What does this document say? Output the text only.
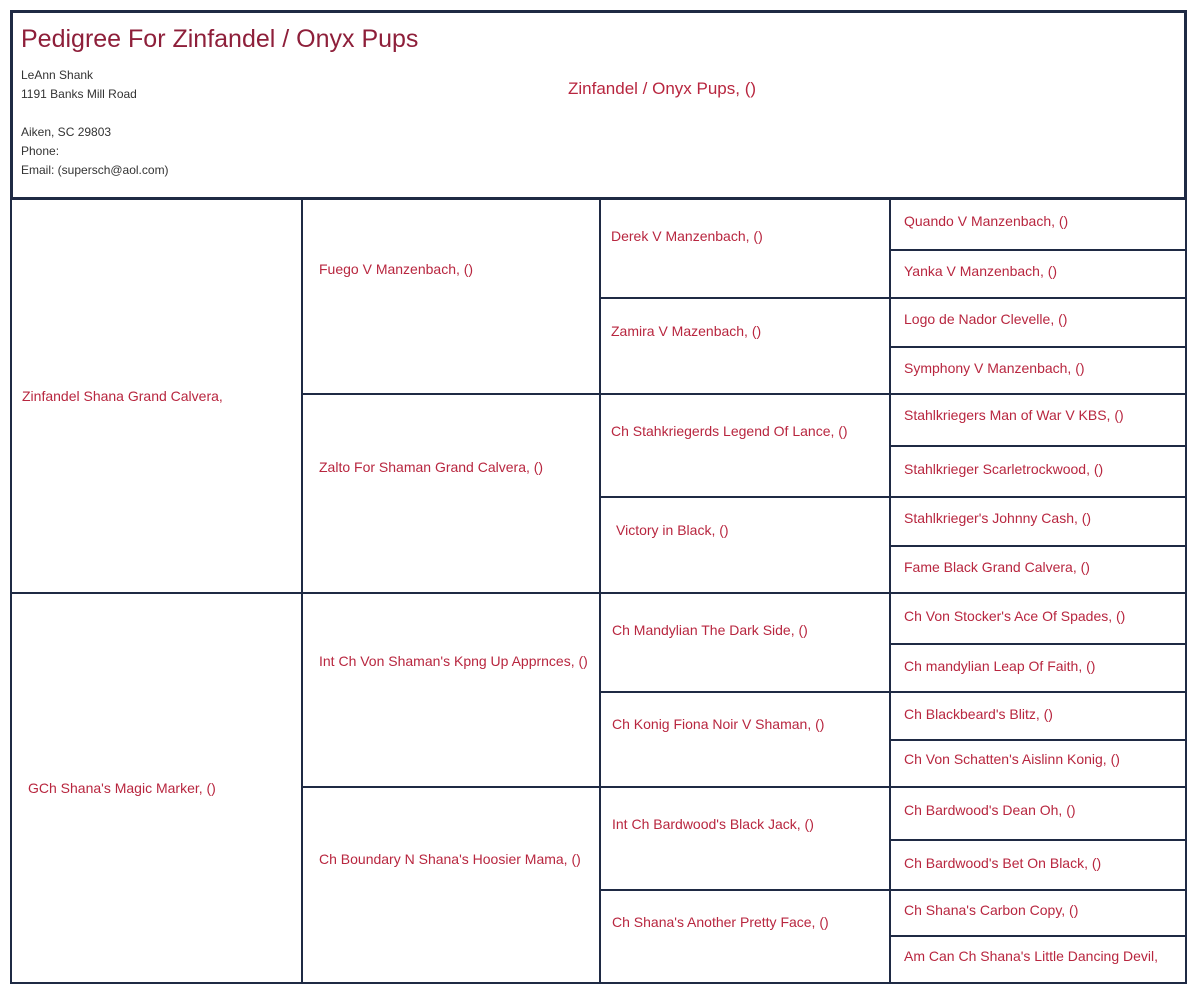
Pedigree For Zinfandel / Onyx Pups
LeAnn Shank
1191 Banks Mill Road
Aiken, SC 29803
Phone:
Email: (supersch@aol.com)
Zinfandel / Onyx Pups, ()
Zinfandel Shana Grand Calvera,
GCh Shana's Magic Marker, ()
Fuego V Manzenbach, ()
Zalto For Shaman Grand Calvera, ()
Int Ch Von Shaman's Kpng Up Apprnces, ()
Ch Boundary N Shana's Hoosier Mama, ()
Derek V Manzenbach, ()
Zamira V Mazenbach, ()
Ch Stahkriegerds Legend Of Lance, ()
Victory in Black, ()
Ch Mandylian The Dark Side, ()
Ch Konig Fiona Noir V Shaman, ()
Int Ch Bardwood's Black Jack, ()
Ch Shana's Another Pretty Face, ()
Quando V Manzenbach, ()
Yanka V Manzenbach, ()
Logo de Nador Clevelle, ()
Symphony V Manzenbach, ()
Stahlkriegers Man of War V KBS, ()
Stahlkrieger Scarletrockwood, ()
Stahlkrieger's Johnny Cash, ()
Fame Black Grand Calvera, ()
Ch Von Stocker's Ace Of Spades, ()
Ch mandylian Leap Of Faith, ()
Ch Blackbeard's Blitz, ()
Ch Von Schatten's Aislinn Konig, ()
Ch Bardwood's Dean Oh, ()
Ch Bardwood's Bet On Black, ()
Ch Shana's Carbon Copy, ()
Am Can Ch Shana's Little Dancing Devil,
